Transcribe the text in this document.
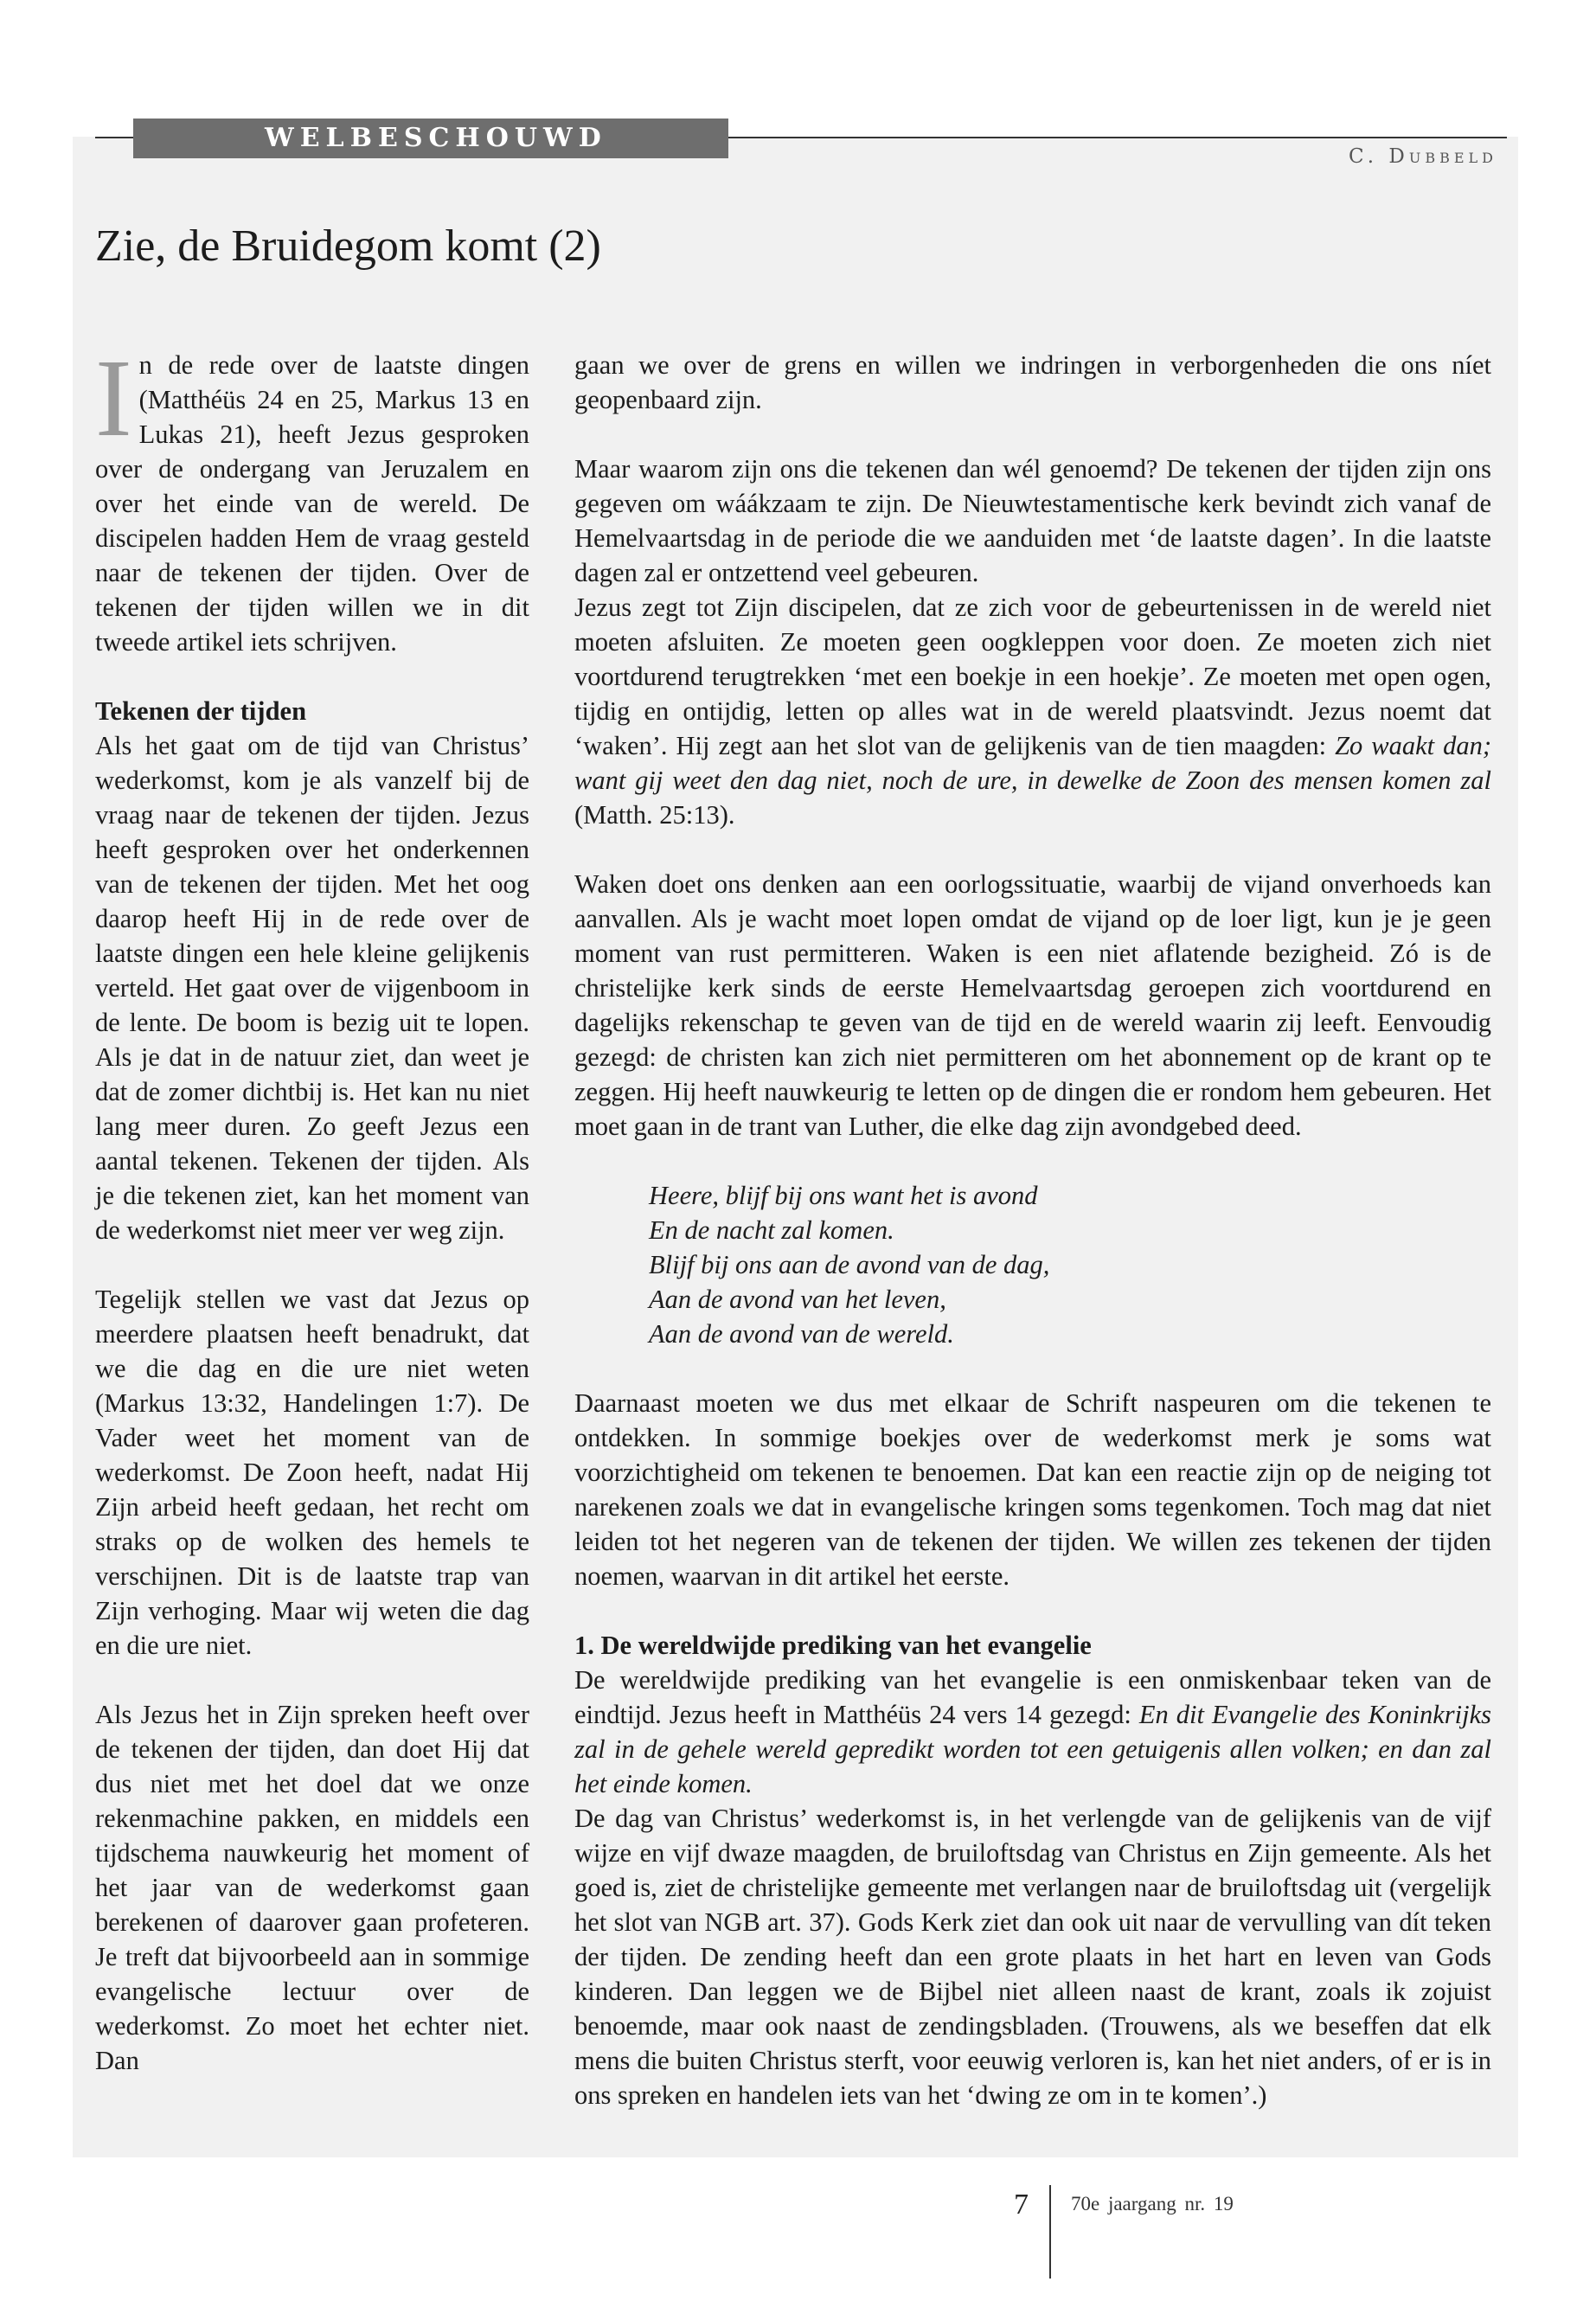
WELBESCHOUWD
C. Dubbeld
Zie, de Bruidegom komt (2)

In de rede over de laatste dingen (Matthéüs 24 en 25, Markus 13 en Lukas 21), heeft Jezus gesproken over de ondergang van Jeruzalem en over het einde van de wereld. De discipelen hadden Hem de vraag gesteld naar de tekenen der tijden. Over de tekenen der tijden willen we in dit tweede artikel iets schrijven.

Tekenen der tijden

Als het gaat om de tijd van Christus’ wederkomst, kom je als vanzelf bij de vraag naar de tekenen der tijden. Jezus heeft gesproken over het onderkennen van de tekenen der tijden. Met het oog daarop heeft Hij in de rede over de laatste dingen een hele kleine gelijkenis verteld. Het gaat over de vijgenboom in de lente. De boom is bezig uit te lopen. Als je dat in de natuur ziet, dan weet je dat de zomer dichtbij is. Het kan nu niet lang meer duren. Zo geeft Jezus een aantal tekenen. Tekenen der tijden. Als je die tekenen ziet, kan het moment van de wederkomst niet meer ver weg zijn.

Tegelijk stellen we vast dat Jezus op meerdere plaatsen heeft benadrukt, dat we die dag en die ure niet weten (Markus 13:32, Handelingen 1:7). De Vader weet het moment van de wederkomst. De Zoon heeft, nadat Hij Zijn arbeid heeft gedaan, het recht om straks op de wolken des hemels te verschijnen. Dit is de laatste trap van Zijn verhoging. Maar wij weten die dag en die ure niet.

Als Jezus het in Zijn spreken heeft over de tekenen der tijden, dan doet Hij dat dus niet met het doel dat we onze rekenmachine pakken, en middels een tijdschema nauwkeurig het moment of het jaar van de wederkomst gaan berekenen of daarover gaan profeteren. Je treft dat bijvoorbeeld aan in sommige evangelische lectuur over de wederkomst. Zo moet het echter niet. Dan

gaan we over de grens en willen we indringen in verborgenheden die ons níet geopenbaard zijn.

Maar waarom zijn ons die tekenen dan wél genoemd? De tekenen der tijden zijn ons gegeven om wáákzaam te zijn. De Nieuwtestamentische kerk bevindt zich vanaf de Hemelvaartsdag in de periode die we aanduiden met ‘de laatste dagen’. In die laatste dagen zal er ontzettend veel gebeuren.

Jezus zegt tot Zijn discipelen, dat ze zich voor de gebeurtenissen in de wereld niet moeten afsluiten. Ze moeten geen oogkleppen voor doen. Ze moeten zich niet voortdurend terugtrekken ‘met een boekje in een hoekje’. Ze moeten met open ogen, tijdig en ontijdig, letten op alles wat in de wereld plaatsvindt. Jezus noemt dat ‘waken’. Hij zegt aan het slot van de gelijkenis van de tien maagden: Zo waakt dan; want gij weet den dag niet, noch de ure, in dewelke de Zoon des mensen komen zal (Matth. 25:13).

Waken doet ons denken aan een oorlogssituatie, waarbij de vijand onverhoeds kan aanvallen. Als je wacht moet lopen omdat de vijand op de loer ligt, kun je je geen moment van rust permitteren. Waken is een niet aflatende bezigheid. Zó is de christelijke kerk sinds de eerste Hemelvaartsdag geroepen zich voortdurend en dagelijks rekenschap te geven van de tijd en de wereld waarin zij leeft. Eenvoudig gezegd: de christen kan zich niet permitteren om het abonnement op de krant op te zeggen. Hij heeft nauwkeurig te letten op de dingen die er rondom hem gebeuren. Het moet gaan in de trant van Luther, die elke dag zijn avondgebed deed.

Heere, blijf bij ons want het is avond
En de nacht zal komen.
Blijf bij ons aan de avond van de dag,
Aan de avond van het leven,
Aan de avond van de wereld.

Daarnaast moeten we dus met elkaar de Schrift naspeuren om die tekenen te ontdekken. In sommige boekjes over de wederkomst merk je soms wat voorzichtigheid om tekenen te benoemen. Dat kan een reactie zijn op de neiging tot narekenen zoals we dat in evangelische kringen soms tegenkomen. Toch mag dat niet leiden tot het negeren van de tekenen der tijden. We willen zes tekenen der tijden noemen, waarvan in dit artikel het eerste.

1. De wereldwijde prediking van het evangelie

De wereldwijde prediking van het evangelie is een onmiskenbaar teken van de eindtijd. Jezus heeft in Matthéüs 24 vers 14 gezegd: En dit Evangelie des Koninkrijks zal in de gehele wereld gepredikt worden tot een getuigenis allen volken; en dan zal het einde komen.

De dag van Christus’ wederkomst is, in het verlengde van de gelijkenis van de vijf wijze en vijf dwaze maagden, de bruiloftsdag van Christus en Zijn gemeente. Als het goed is, ziet de christelijke gemeente met verlangen naar de bruiloftsdag uit (vergelijk het slot van NGB art. 37). Gods Kerk ziet dan ook uit naar de vervulling van dít teken der tijden. De zending heeft dan een grote plaats in het hart en leven van Gods kinderen. Dan leggen we de Bijbel niet alleen naast de krant, zoals ik zojuist benoemde, maar ook naast de zendingsbladen. (Trouwens, als we beseffen dat elk mens die buiten Christus sterft, voor eeuwig verloren is, kan het niet anders, of er is in ons spreken en handelen iets van het ‘dwing ze om in te komen’.)

7 70e jaargang nr. 19
